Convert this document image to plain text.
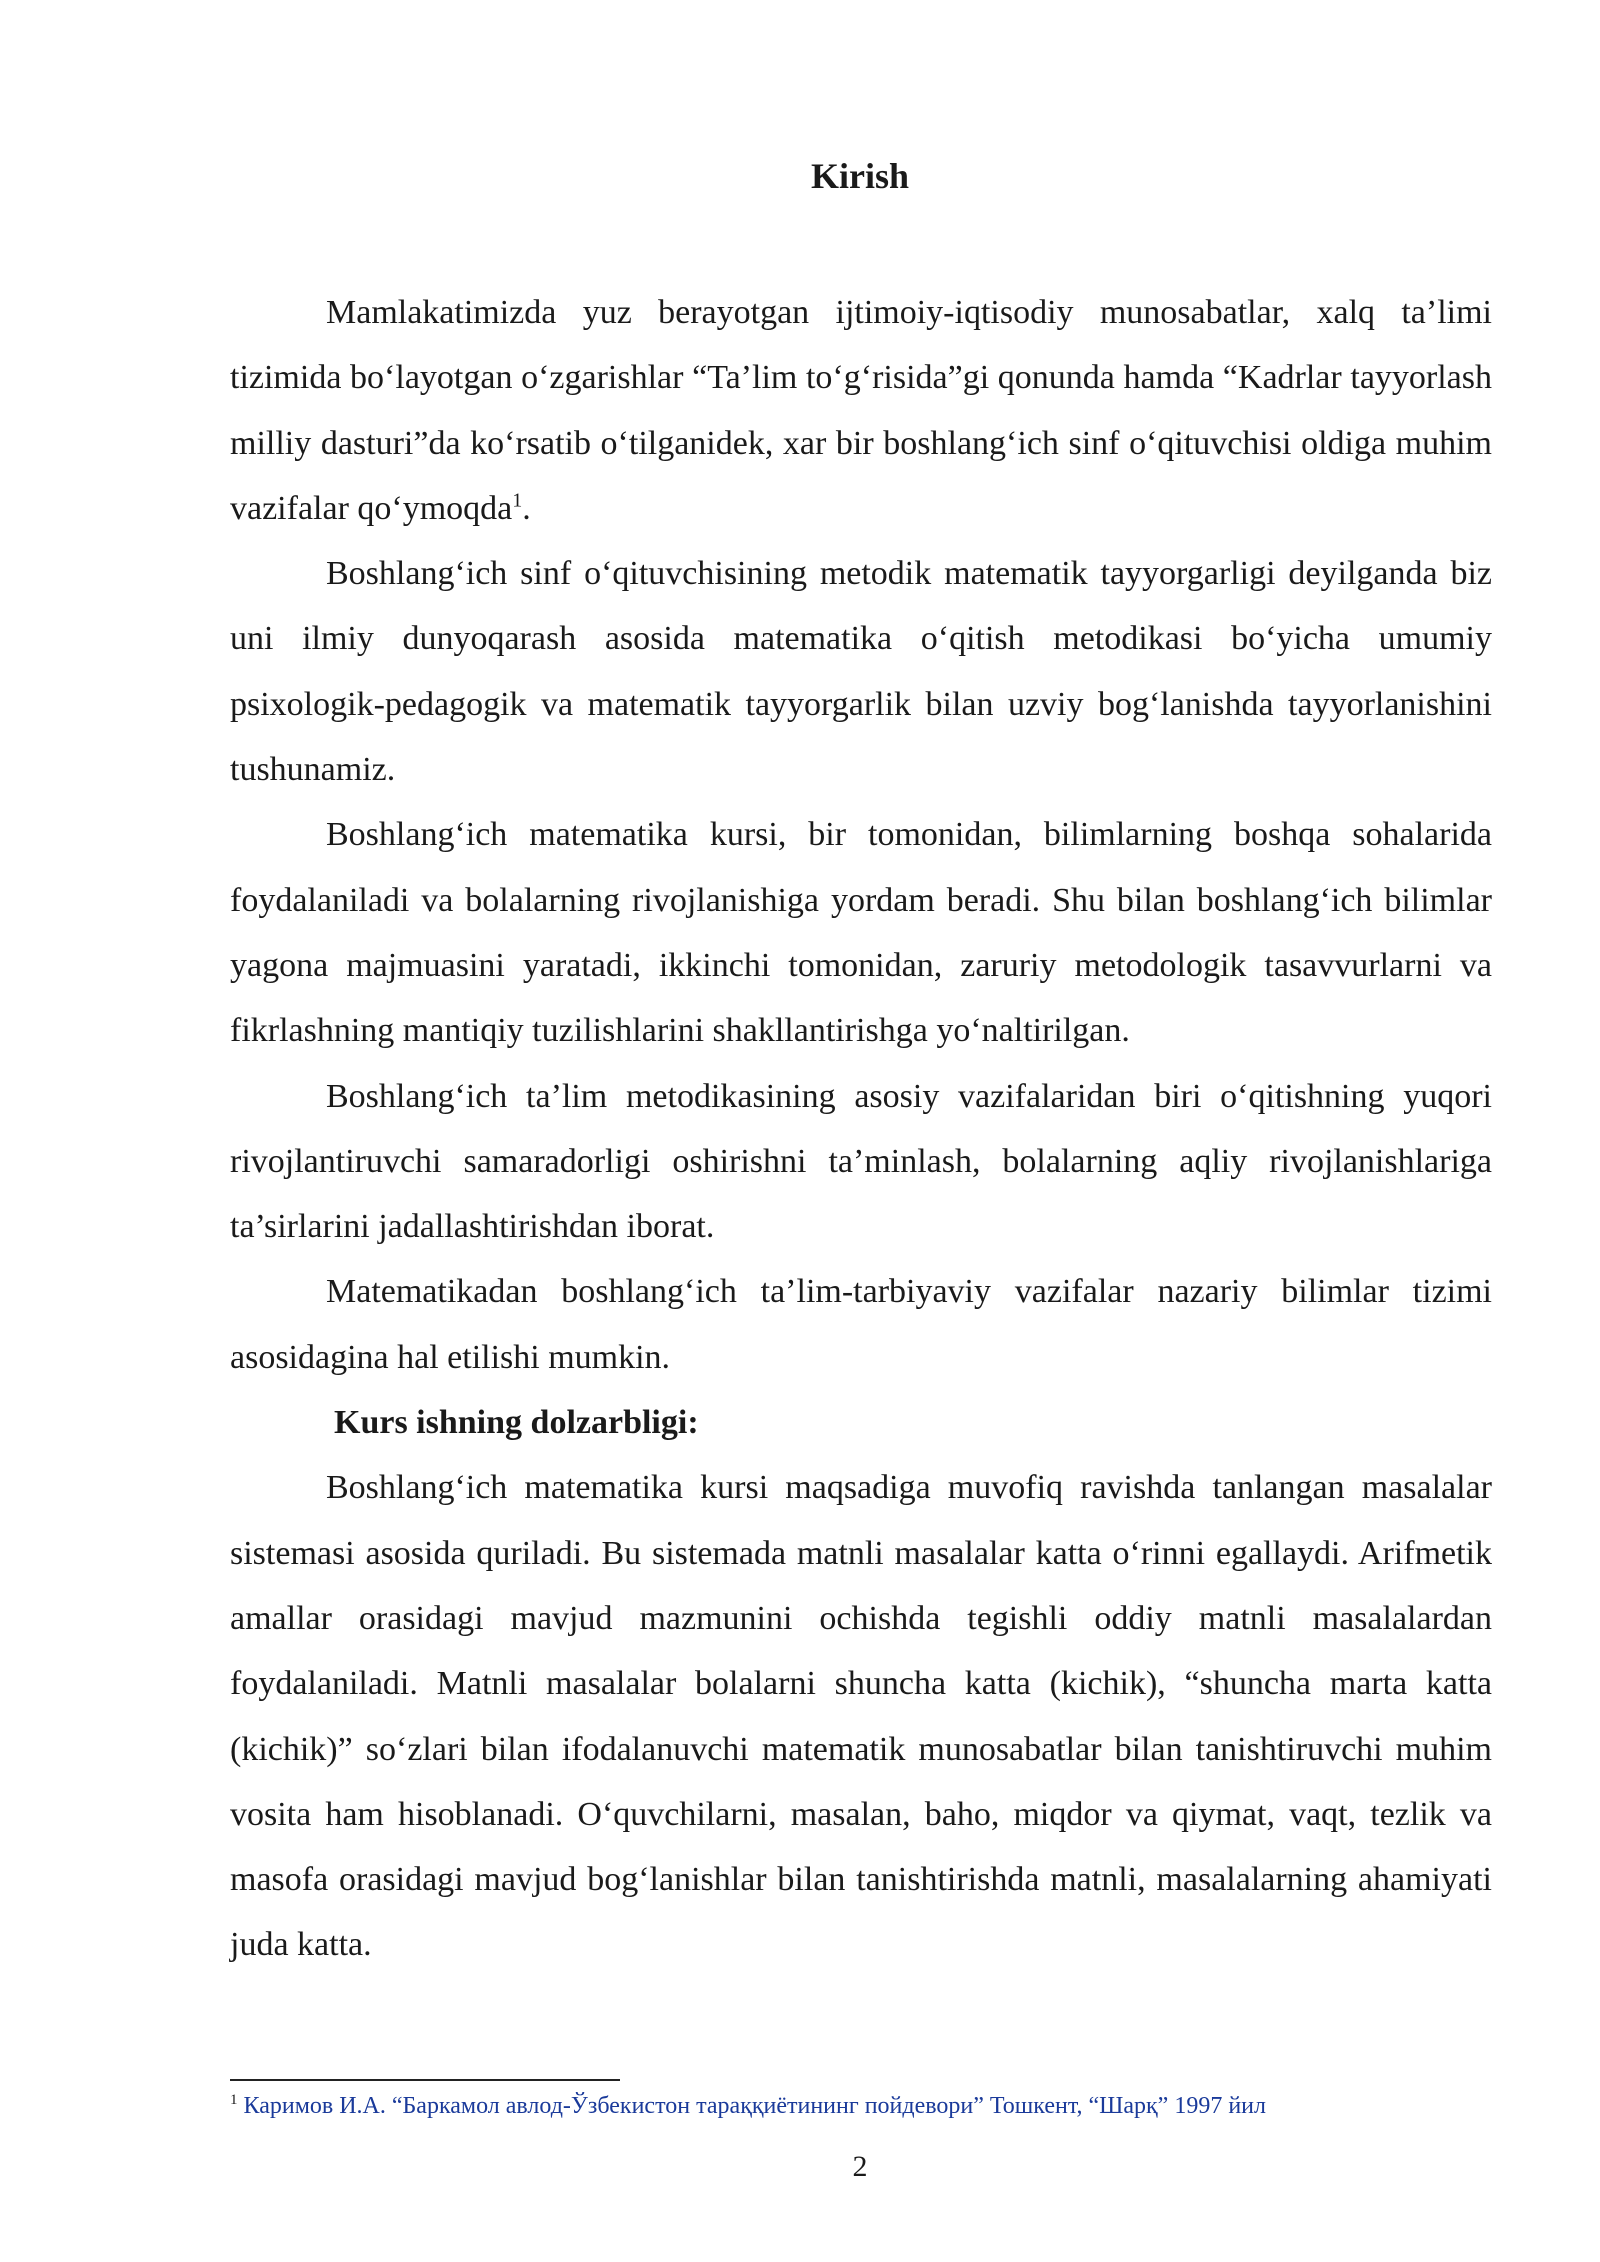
Kirish

Mamlakatimizda yuz berayotgan ijtimoiy-iqtisodiy munosabatlar, xalq ta’limi tizimida bo‘layotgan o‘zgarishlar “Ta’lim to‘g‘risida”gi qonunda hamda “Kadrlar tayyorlash milliy dasturi”da ko‘rsatib o‘tilganidek, xar bir boshlang‘ich sinf o‘qituvchisi oldiga muhim vazifalar qo‘ymoqda$^1$.

Boshlang‘ich sinf o‘qituvchisining metodik matematik tayyorgarligi deyilganda biz uni ilmiy dunyoqarash asosida matematika o‘qitish metodikasi bo‘yicha umumiy psixologik-pedagogik va matematik tayyorgarlik bilan uzviy bog‘lanishda tayyorlanishini tushunamiz.

Boshlang‘ich matematika kursi, bir tomonidan, bilimlarning boshqa sohalarida foydalaniladi va bolalarning rivojlanishiga yordam beradi. Shu bilan boshlang‘ich bilimlar yagona majmuasini yaratadi, ikkinchi tomonidan, zaruriy metodologik tasavvurlarni va fikrlashning mantiqiy tuzilishlarini shakllantirishga yo‘naltirilgan.

Boshlang‘ich ta’lim metodikasining asosiy vazifalaridan biri o‘qitishning yuqori rivojlantiruvchi samaradorligi oshirishni ta’minlash, bolalarning aqliy rivojlanishlariga ta’sirlarini jadallashtirishdan iborat.

Matematikadan boshlang‘ich ta’lim-tarbiyaviy vazifalar nazariy bilimlar tizimi asosidagina hal etilishi mumkin.

Kurs ishning dolzarbligi:

Boshlang‘ich matematika kursi maqsadiga muvofiq ravishda tanlangan masalalar sistemasi asosida quriladi. Bu sistemada matnli masalalar katta o‘rinni egallaydi. Arifmetik amallar orasidagi mavjud mazmunini ochishda tegishli oddiy matnli masalalardan foydalaniladi. Matnli masalalar bolalarni shuncha katta (kichik), “shuncha marta katta (kichik)” so‘zlari bilan ifodalanuvchi matematik munosabatlar bilan tanishtiruvchi muhim vosita ham hisoblanadi. O‘quvchilarni, masalan, baho, miqdor va qiymat, vaqt, tezlik va masofa orasidagi mavjud bog‘lanishlar bilan tanishtirishda matnli, masalalarning ahamiyati juda katta.

$^1$ Каримов И.А. “Баркамол авлод-Ўзбекистон тараққиётининг пойдевори” Тошкент, “Шарқ” 1997 йил
2
